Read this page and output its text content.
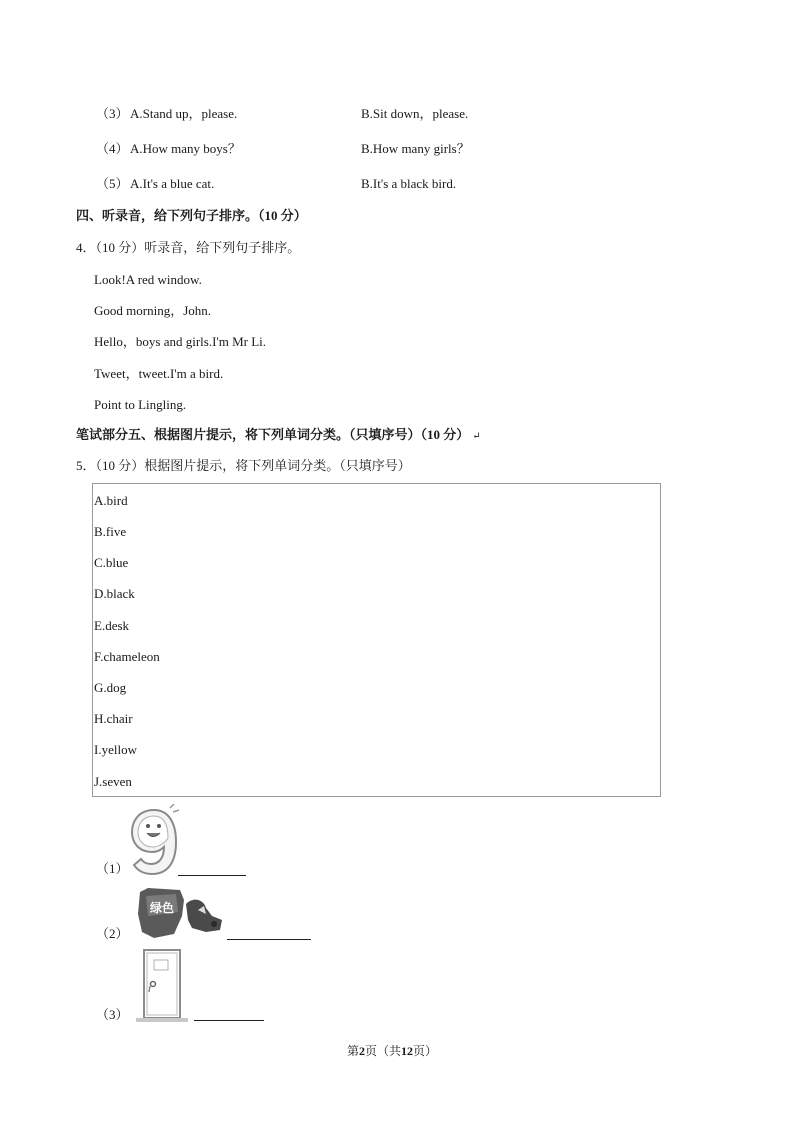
（3） A.Stand up，please.	B.Sit down，please.
（4） A.How many boys？	B.How many girls？
（5） A.It's a blue cat.	B.It's a black bird.
四、听录音，给下列句子排序。（10 分）
4．（10 分）听录音，给下列句子排序。
Look!A red window.
Good morning，John.
Hello，boys and girls.I'm Mr Li.
Tweet，tweet.I'm a bird.
Point to Lingling.
笔试部分五、根据图片提示，将下列单词分类。（只填序号）（10 分） ↵
5．（10 分）根据图片提示，将下列单词分类。（只填序号）
A.bird
B.five
C.blue
D.black
E.desk
F.chameleon
G.dog
H.chair
I.yellow
J.seven
（1）
（2）
绿色
（3）
第2页（共12页）
